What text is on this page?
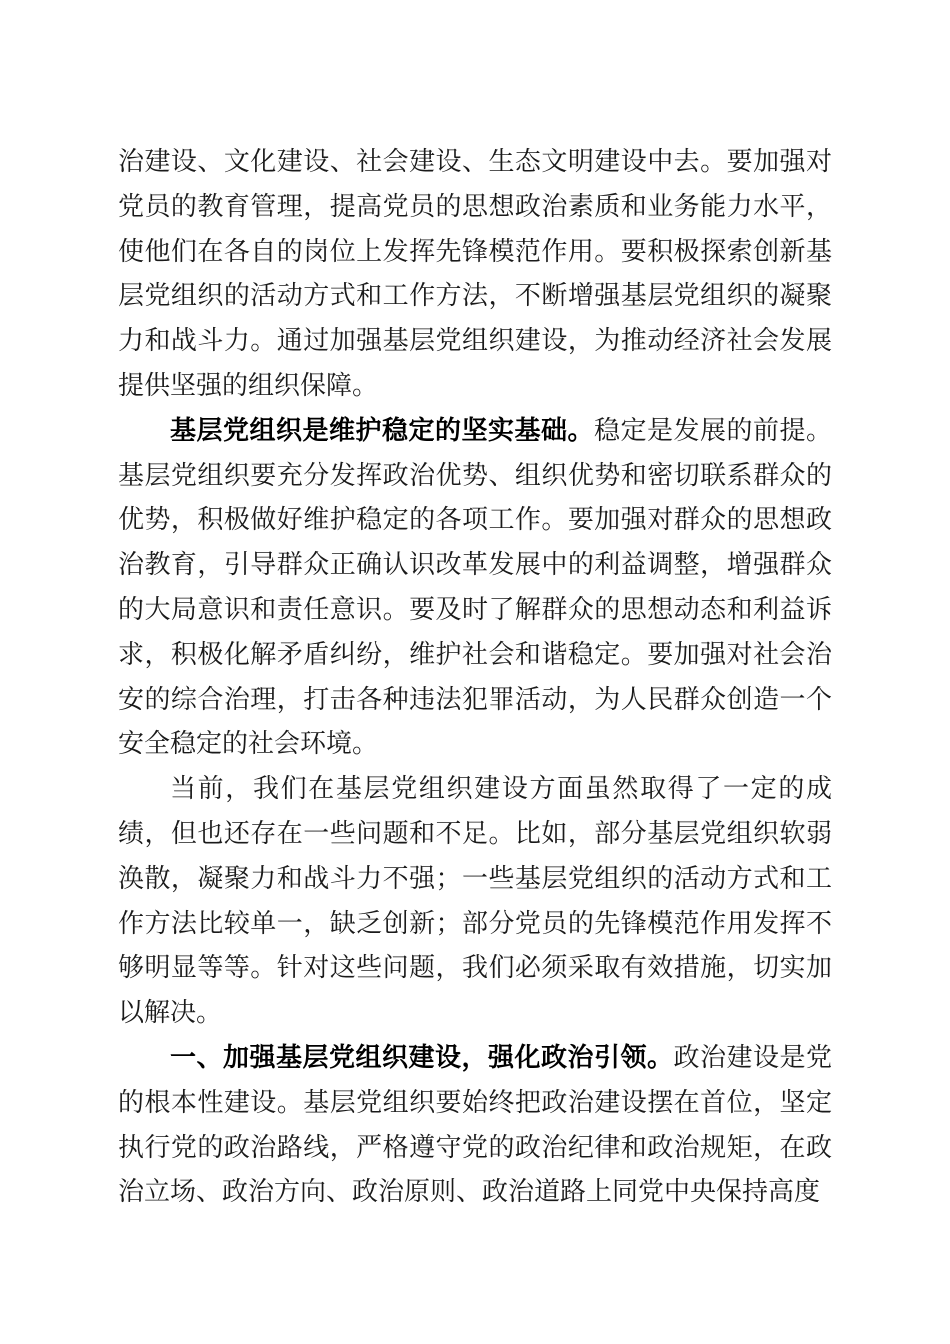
治建设、文化建设、社会建设、生态文明建设中去。要加强对党员的教育管理，提高党员的思想政治素质和业务能力水平，使他们在各自的岗位上发挥先锋模范作用。要积极探索创新基层党组织的活动方式和工作方法，不断增强基层党组织的凝聚力和战斗力。通过加强基层党组织建设，为推动经济社会发展提供坚强的组织保障。

基层党组织是维护稳定的坚实基础。稳定是发展的前提。基层党组织要充分发挥政治优势、组织优势和密切联系群众的优势，积极做好维护稳定的各项工作。要加强对群众的思想政治教育，引导群众正确认识改革发展中的利益调整，增强群众的大局意识和责任意识。要及时了解群众的思想动态和利益诉求，积极化解矛盾纠纷，维护社会和谐稳定。要加强对社会治安的综合治理，打击各种违法犯罪活动，为人民群众创造一个安全稳定的社会环境。

当前，我们在基层党组织建设方面虽然取得了一定的成绩，但也还存在一些问题和不足。比如，部分基层党组织软弱涣散，凝聚力和战斗力不强；一些基层党组织的活动方式和工作方法比较单一，缺乏创新；部分党员的先锋模范作用发挥不够明显等等。针对这些问题，我们必须采取有效措施，切实加以解决。

一、加强基层党组织建设，强化政治引领。政治建设是党的根本性建设。基层党组织要始终把政治建设摆在首位，坚定执行党的政治路线，严格遵守党的政治纪律和政治规矩，在政治立场、政治方向、政治原则、政治道路上同党中央保持高度
